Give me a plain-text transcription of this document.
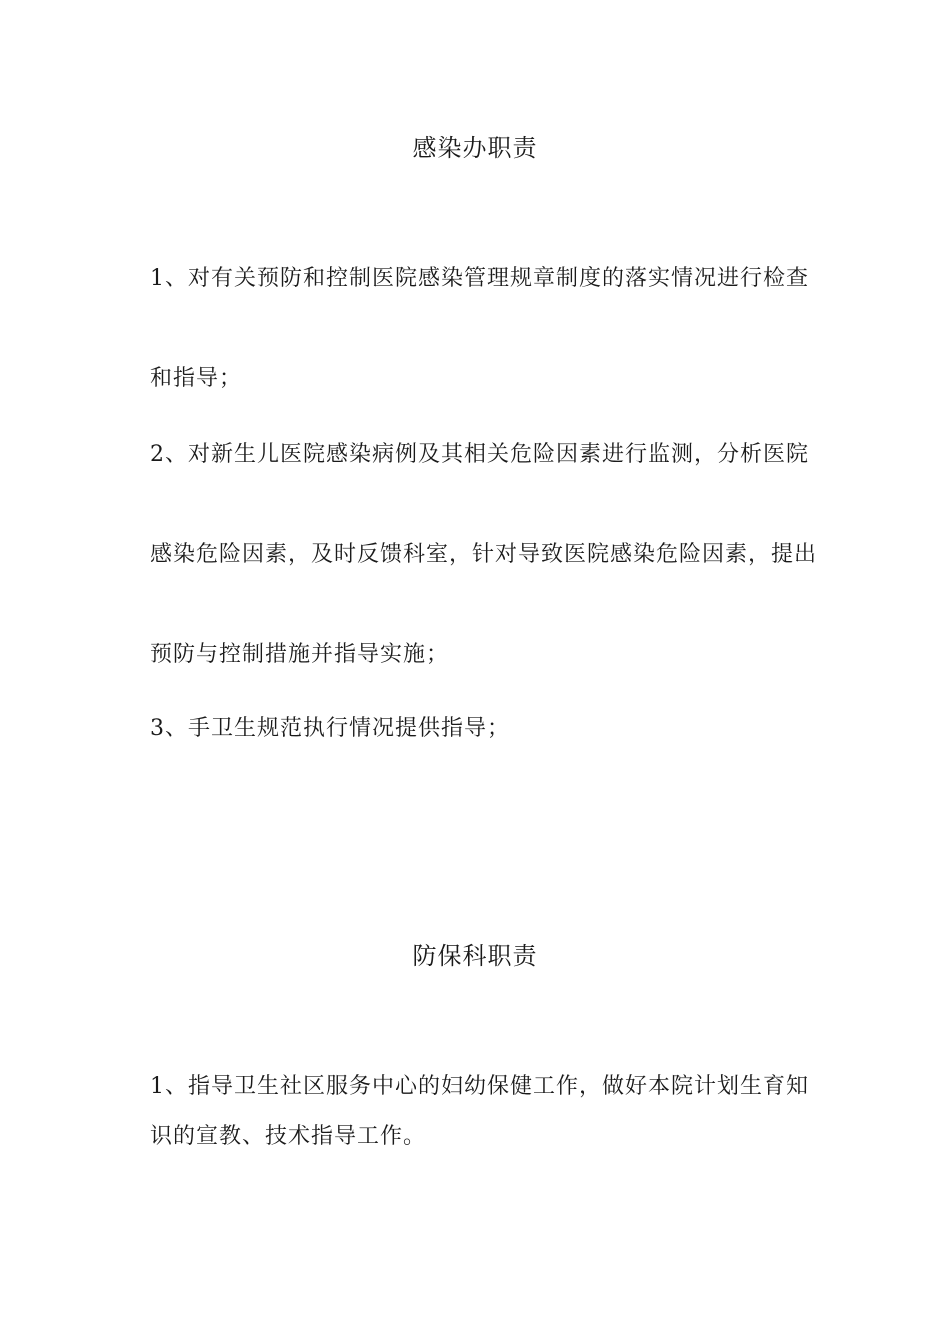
感染办职责
1、对有关预防和控制医院感染管理规章制度的落实情况进行检查
和指导；
2、对新生儿医院感染病例及其相关危险因素进行监测，分析医院
感染危险因素，及时反馈科室，针对导致医院感染危险因素，提出
预防与控制措施并指导实施；
3、手卫生规范执行情况提供指导；
防保科职责
1、指导卫生社区服务中心的妇幼保健工作，做好本院计划生育知
识的宣教、技术指导工作。
